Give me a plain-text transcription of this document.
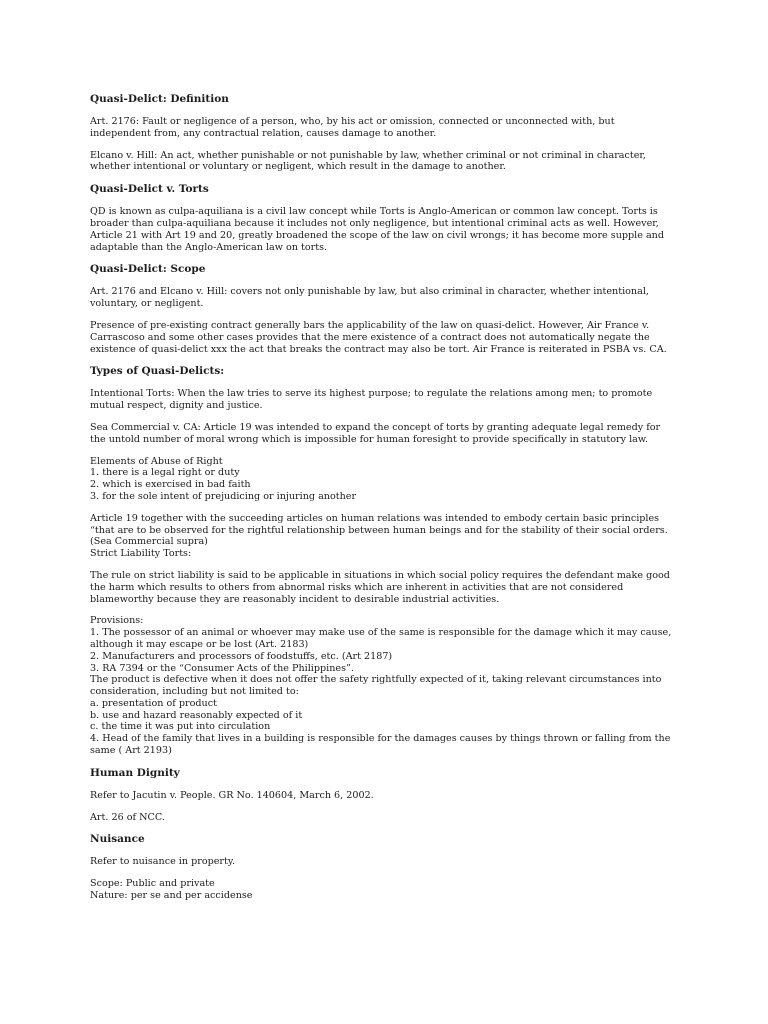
Quasi-Delict: Definition

Art. 2176: Fault or negligence of a person, who, by his act or omission, connected or unconnected with, but independent from, any contractual relation, causes damage to another.

Elcano v. Hill: An act, whether punishable or not punishable by law, whether criminal or not criminal in character, whether intentional or voluntary or negligent, which result in the damage to another.

Quasi-Delict v. Torts

QD is known as culpa-aquiliana is a civil law concept while Torts is Anglo-American or common law concept. Torts is broader than culpa-aquiliana because it includes not only negligence, but intentional criminal acts as well. However, Article 21 with Art 19 and 20, greatly broadened the scope of the law on civil wrongs; it has become more supple and adaptable than the Anglo-American law on torts.

Quasi-Delict: Scope

Art. 2176 and Elcano v. Hill: covers not only punishable by law, but also criminal in character, whether intentional, voluntary, or negligent.

Presence of pre-existing contract generally bars the applicability of the law on quasi-delict. However, Air France v. Carrascoso and some other cases provides that the mere existence of a contract does not automatically negate the existence of quasi-delict xxx the act that breaks the contract may also be tort. Air France is reiterated in PSBA vs. CA.

Types of Quasi-Delicts:

Intentional Torts: When the law tries to serve its highest purpose; to regulate the relations among men; to promote mutual respect, dignity and justice.

Sea Commercial v. CA: Article 19 was intended to expand the concept of torts by granting adequate legal remedy for the untold number of moral wrong which is impossible for human foresight to provide specifically in statutory law.

Elements of Abuse of Right
1. there is a legal right or duty
2. which is exercised in bad faith
3. for the sole intent of prejudicing or injuring another
Article 19 together with the succeeding articles on human relations was intended to embody certain basic principles “that are to be observed for the rightful relationship between human beings and for the stability of their social orders. (Sea Commercial supra)
Strict Liability Torts:

The rule on strict liability is said to be applicable in situations in which social policy requires the defendant make good the harm which results to others from abnormal risks which are inherent in activities that are not considered blameworthy because they are reasonably incident to desirable industrial activities.

Provisions:
1. The possessor of an animal or whoever may make use of the same is responsible for the damage which it may cause, although it may escape or be lost (Art. 2183)
2. Manufacturers and processors of foodstuffs, etc. (Art 2187)
3. RA 7394 or the “Consumer Acts of the Philippines”.
The product is defective when it does not offer the safety rightfully expected of it, taking relevant circumstances into consideration, including but not limited to:
a. presentation of product
b. use and hazard reasonably expected of it
c. the time it was put into circulation
4. Head of the family that lives in a building is responsible for the damages causes by things thrown or falling from the same ( Art 2193)
Human Dignity

Refer to Jacutin v. People. GR No. 140604, March 6, 2002.

Art. 26 of NCC.

Nuisance

Refer to nuisance in property.

Scope: Public and private
Nature: per se and per accidense
